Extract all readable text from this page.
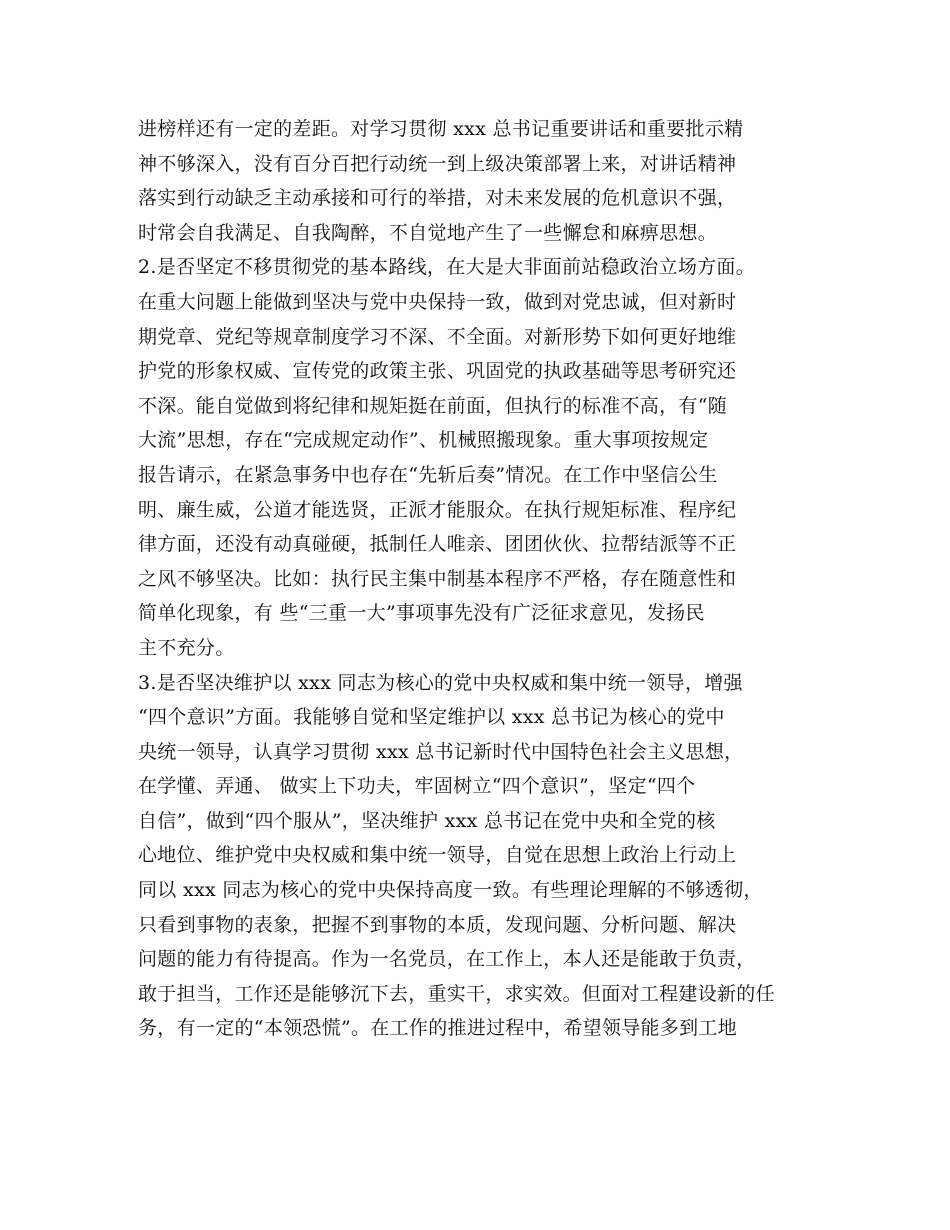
进榜样还有一定的差距。对学习贯彻 xxx 总书记重要讲话和重要批示精
神不够深入，没有百分百把行动统一到上级决策部署上来，对讲话精神
落实到行动缺乏主动承接和可行的举措，对未来发展的危机意识不强，
时常会自我满足、自我陶醉，不自觉地产生了一些懈怠和麻痹思想。
2.是否坚定不移贯彻党的基本路线，在大是大非面前站稳政治立场方面。
在重大问题上能做到坚决与党中央保持一致，做到对党忠诚，但对新时
期党章、党纪等规章制度学习不深、不全面。对新形势下如何更好地维
护党的形象权威、宣传党的政策主张、巩固党的执政基础等思考研究还
不深。能自觉做到将纪律和规矩挺在前面，但执行的标准不高，有“随
大流”思想，存在“完成规定动作”、机械照搬现象。重大事项按规定
报告请示，在紧急事务中也存在“先斩后奏”情况。在工作中坚信公生
明、廉生威，公道才能选贤，正派才能服众。在执行规矩标准、程序纪
律方面，还没有动真碰硬，抵制任人唯亲、团团伙伙、拉帮结派等不正
之风不够坚决。比如：执行民主集中制基本程序不严格，存在随意性和
简单化现象，有 些“三重一大”事项事先没有广泛征求意见，发扬民
主不充分。
3.是否坚决维护以 xxx 同志为核心的党中央权威和集中统一领导，增强
“四个意识”方面。我能够自觉和坚定维护以 xxx 总书记为核心的党中
央统一领导，认真学习贯彻 xxx 总书记新时代中国特色社会主义思想，
在学懂、弄通、 做实上下功夫，牢固树立“四个意识”，坚定“四个
自信”，做到“四个服从”，坚决维护 xxx 总书记在党中央和全党的核
心地位、维护党中央权威和集中统一领导，自觉在思想上政治上行动上
同以 xxx 同志为核心的党中央保持高度一致。有些理论理解的不够透彻，
只看到事物的表象，把握不到事物的本质，发现问题、分析问题、解决
问题的能力有待提高。作为一名党员，在工作上，本人还是能敢于负责，
敢于担当，工作还是能够沉下去，重实干，求实效。但面对工程建设新的任
务，有一定的“本领恐慌”。在工作的推进过程中，希望领导能多到工地
